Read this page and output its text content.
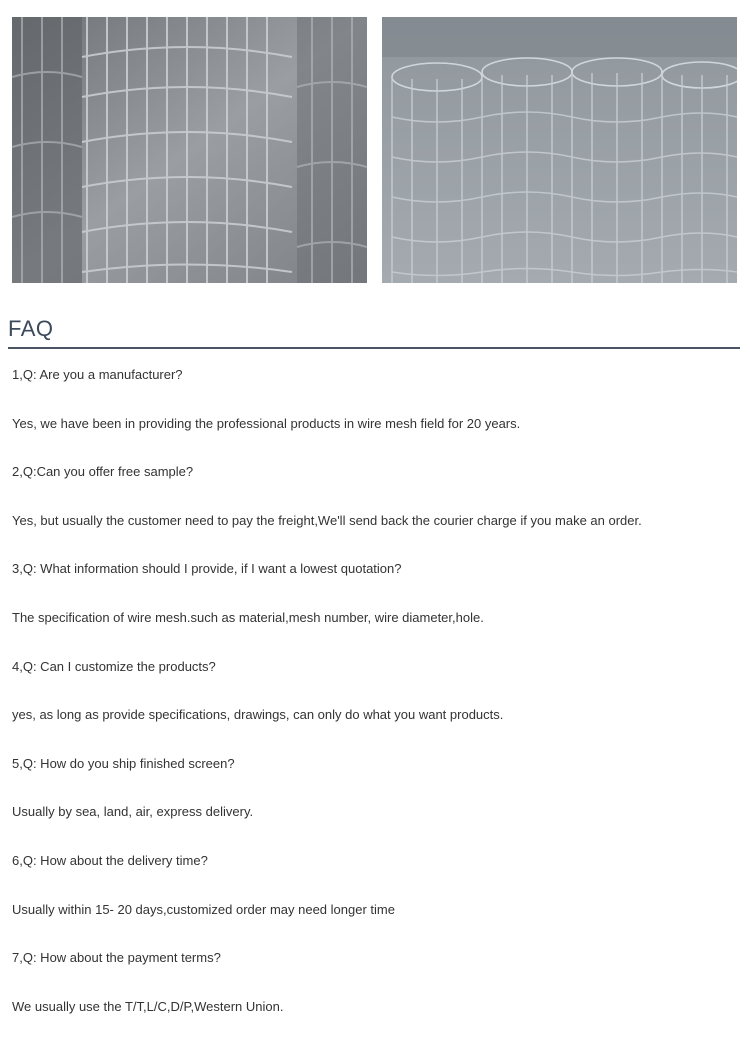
FAQ
1,Q: Are you a manufacturer?
Yes, we have been in providing the professional products in wire mesh field for 20 years.
2,Q:Can you offer free sample?
Yes, but usually the customer need to pay the freight,We'll send back the courier charge if you make an order.
3,Q: What information should I provide, if I want a lowest quotation?
The specification of wire mesh.such as material,mesh number, wire diameter,hole.
4,Q: Can I customize the products?
yes, as long as provide specifications, drawings, can only do what you want products.
5,Q: How do you ship finished screen?
Usually by sea, land, air, express delivery.
6,Q: How about the delivery time?
Usually within 15- 20 days,customized order may need longer time
7,Q: How about the payment terms?
We usually use the T/T,L/C,D/P,Western Union.
